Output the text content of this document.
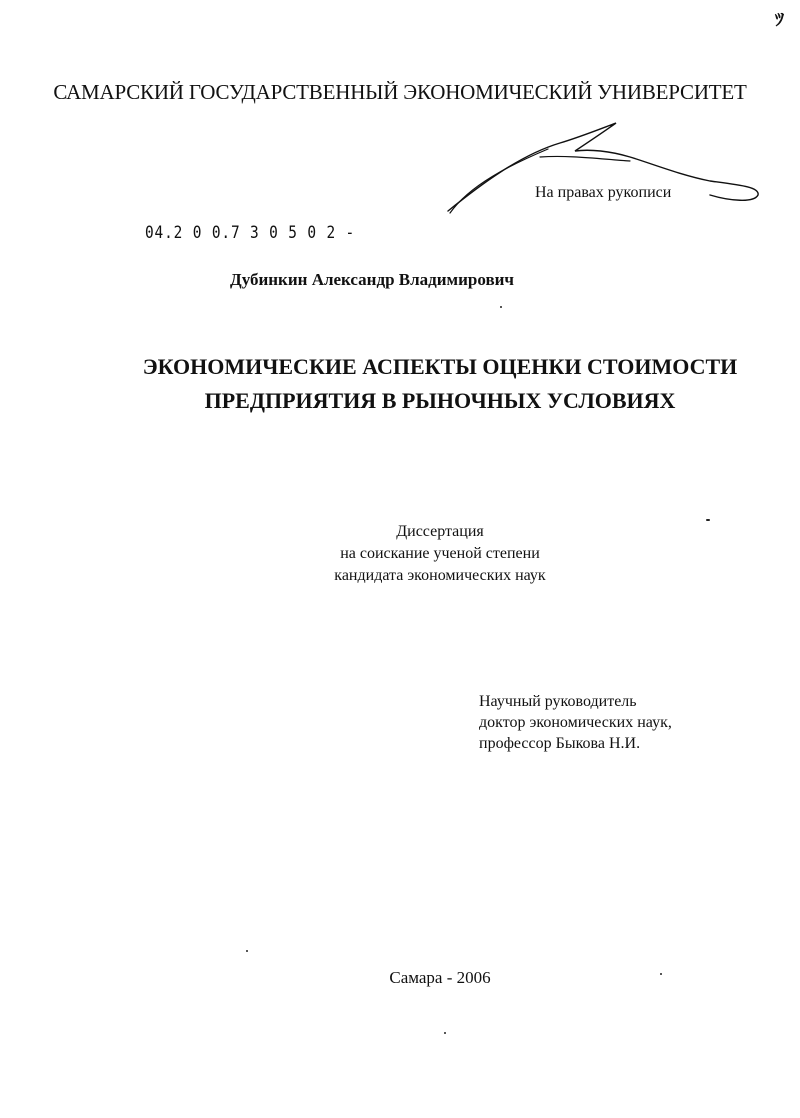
ﾂ
САМАРСКИЙ ГОСУДАРСТВЕННЫЙ ЭКОНОМИЧЕСКИЙ УНИВЕРСИТЕТ
На правах рукописи
04.2 0 0.7 3 0 5 0 2 -
Дубинкин Александр Владимирович
ЭКОНОМИЧЕСКИЕ АСПЕКТЫ ОЦЕНКИ СТОИМОСТИ
ПРЕДПРИЯТИЯ В РЫНОЧНЫХ УСЛОВИЯХ
Диссертация
на соискание ученой степени
кандидата экономических наук
Научный руководитель
доктор экономических наук,
профессор Быкова Н.И.
Самара - 2006
